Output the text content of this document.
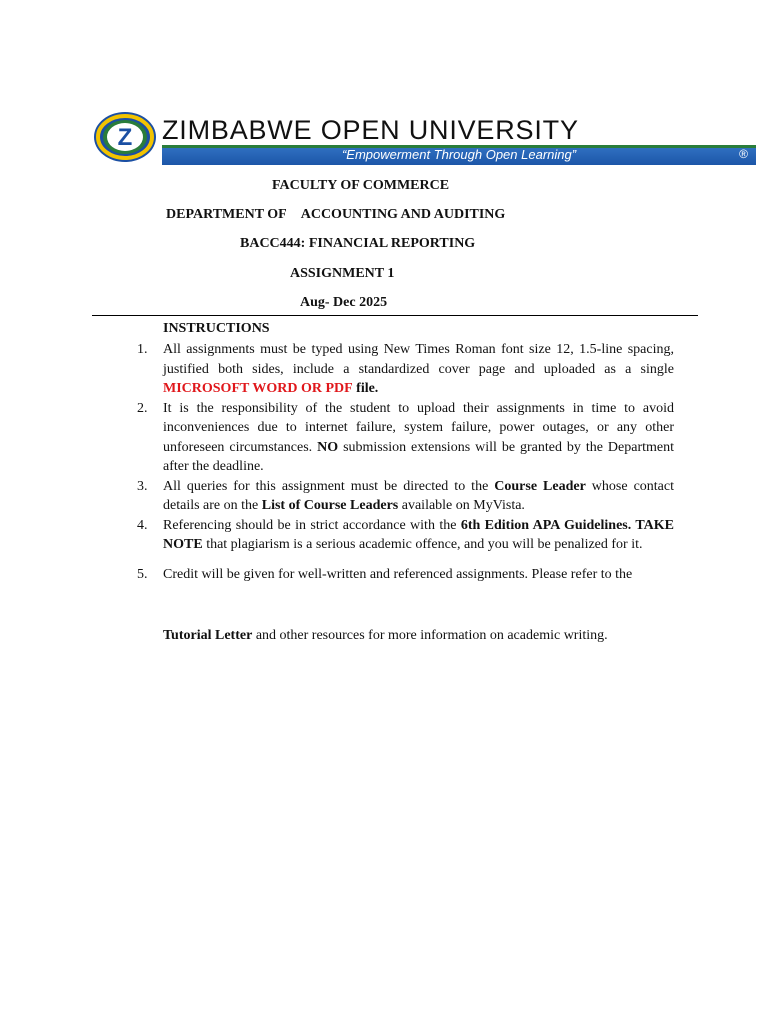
Z ZIMBABWE OPEN UNIVERSITY
“Empowerment Through Open Learning”	®
FACULTY OF COMMERCE
DEPARTMENT OF ACCOUNTING AND AUDITING
BACC444: FINANCIAL REPORTING
ASSIGNMENT 1
Aug- Dec 2025
INSTRUCTIONS
1.	All assignments must be typed using New Times Roman font size 12, 1.5-line spacing, justified both sides, include a standardized cover page and uploaded as a single MICROSOFT WORD OR PDF file.
2.	It is the responsibility of the student to upload their assignments in time to avoid inconveniences due to internet failure, system failure, power outages, or any other unforeseen circumstances. NO submission extensions will be granted by the Department after the deadline.
3.	All queries for this assignment must be directed to the Course Leader whose contact details are on the List of Course Leaders available on MyVista.
4.	Referencing should be in strict accordance with the 6th Edition APA Guidelines. TAKE NOTE that plagiarism is a serious academic offence, and you will be penalized for it.
5.	Credit will be given for well-written and referenced assignments. Please refer to the
Tutorial Letter and other resources for more information on academic writing.
